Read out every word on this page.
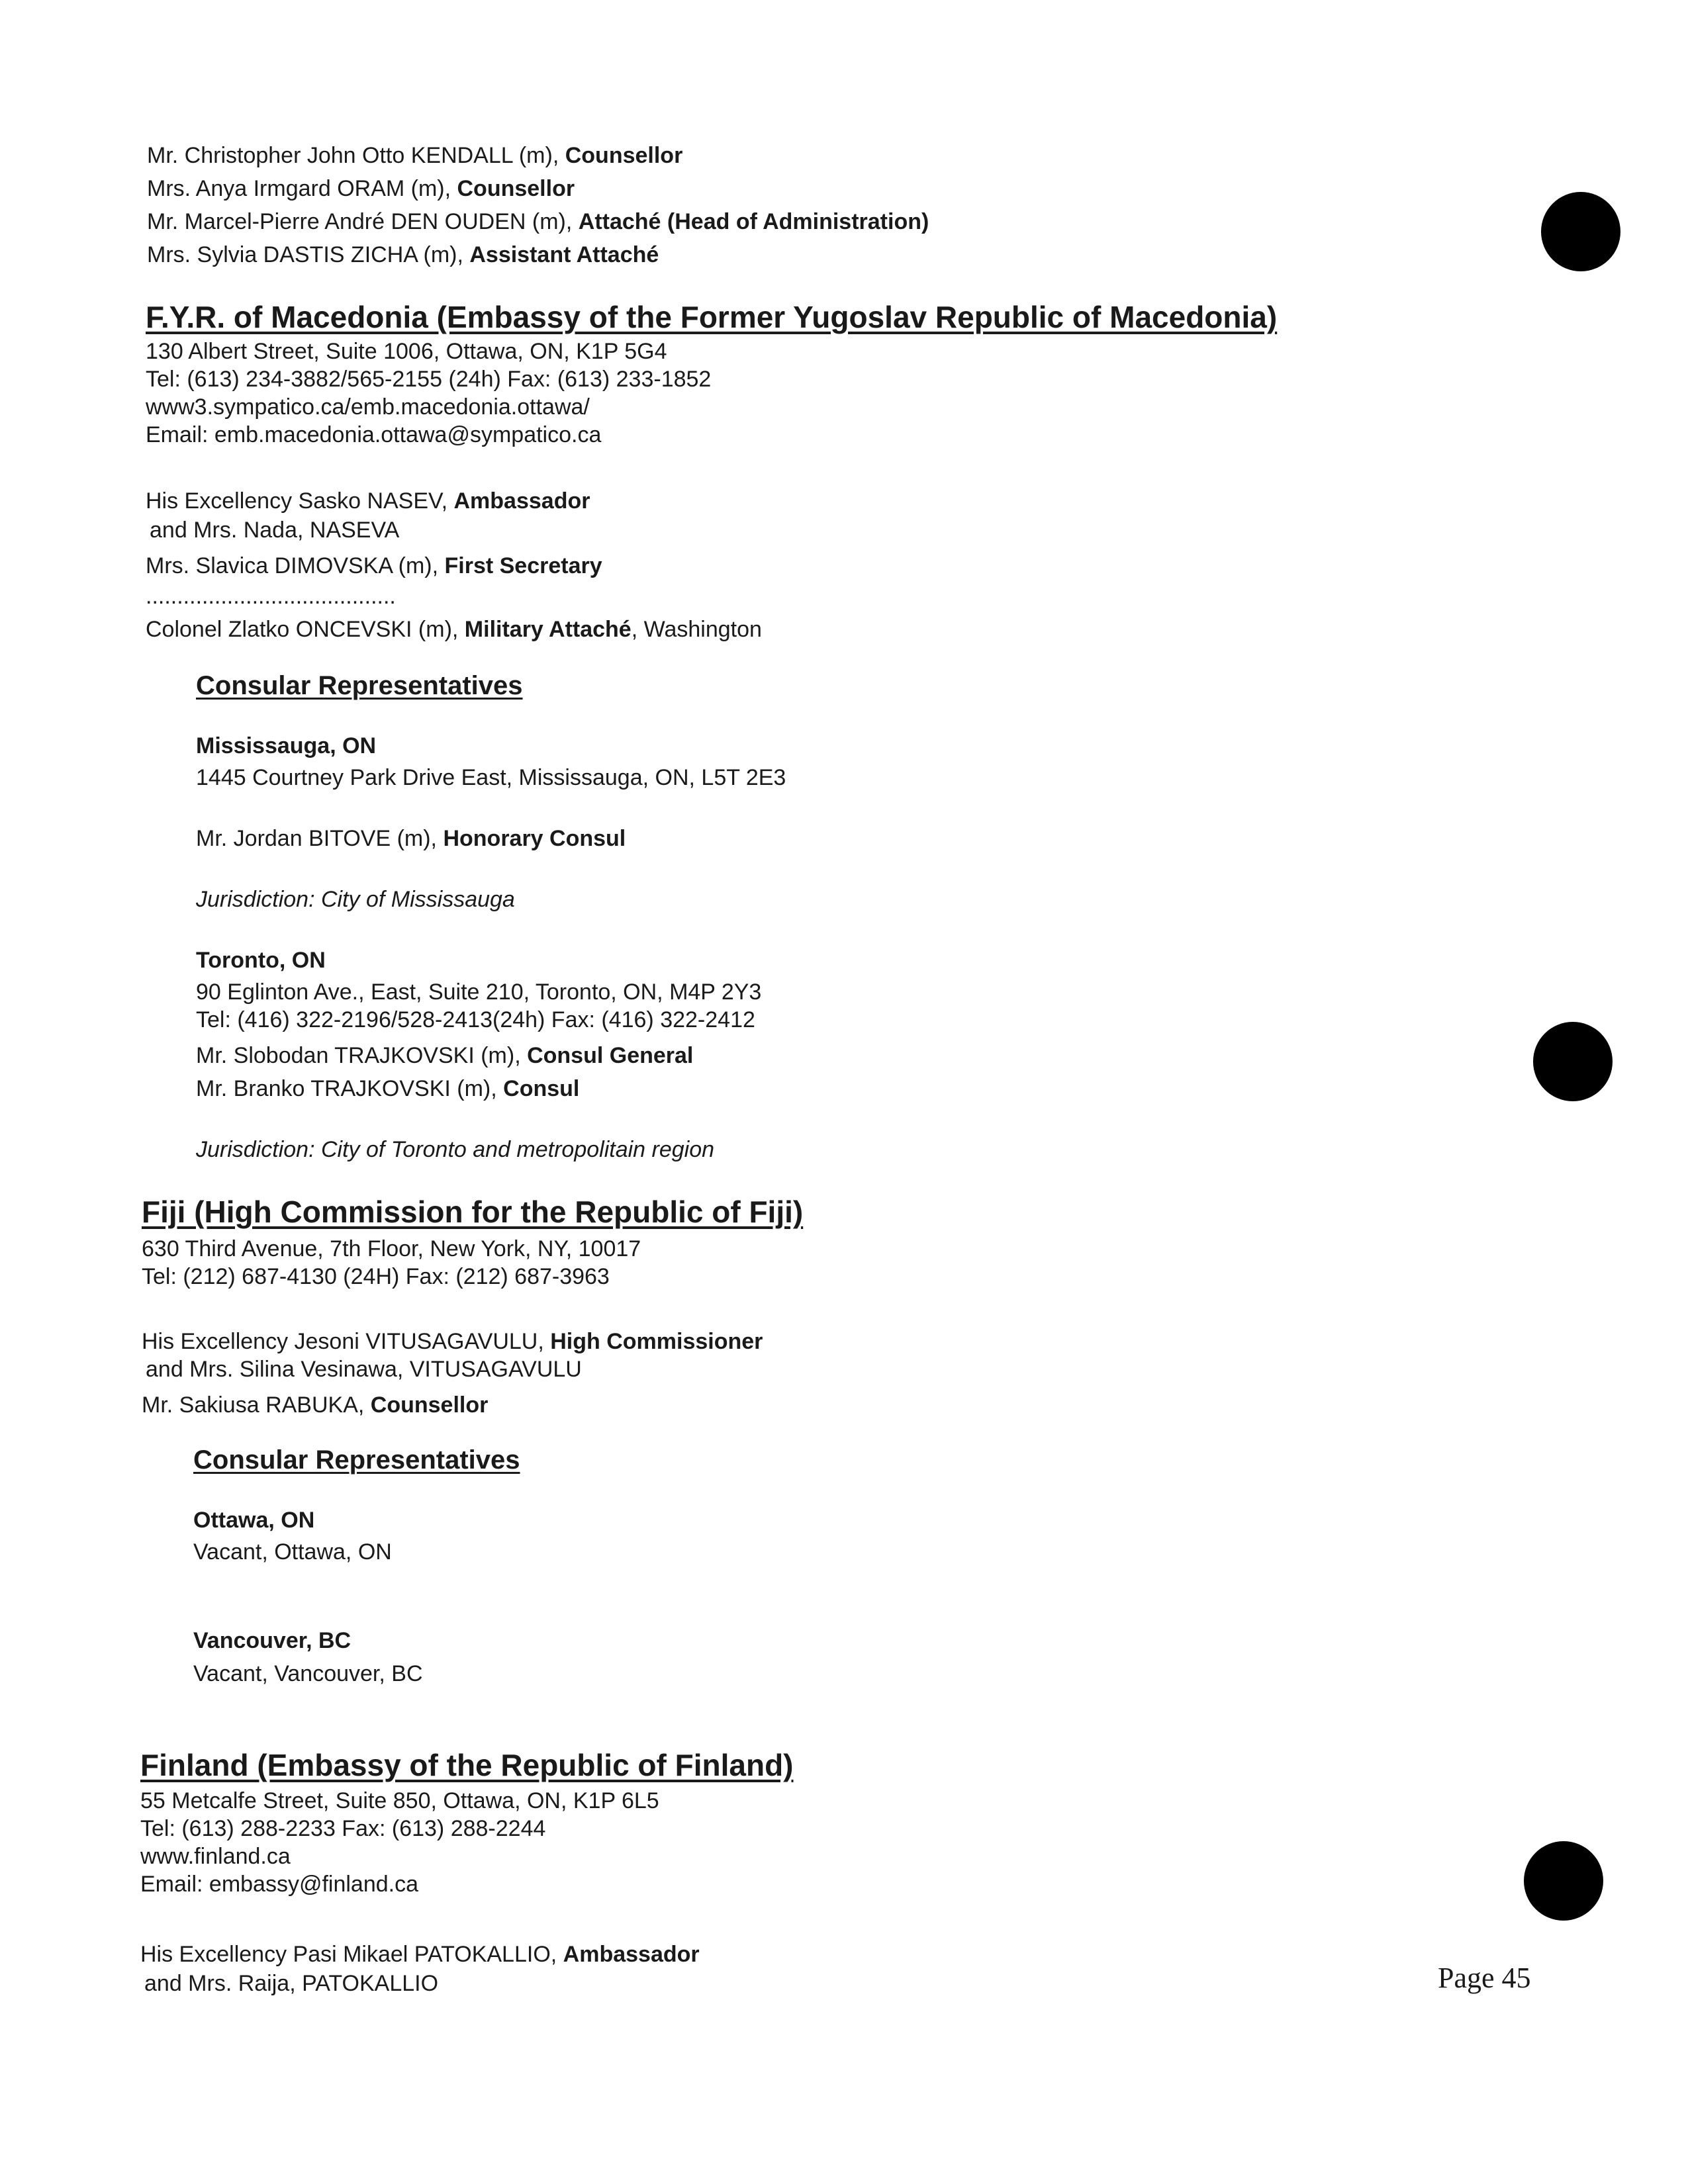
Mr. Christopher John Otto KENDALL (m), Counsellor
Mrs. Anya Irmgard ORAM (m), Counsellor
Mr. Marcel-Pierre André DEN OUDEN (m), Attaché (Head of Administration)
Mrs. Sylvia DASTIS ZICHA (m), Assistant Attaché
F.Y.R. of Macedonia (Embassy of the Former Yugoslav Republic of Macedonia)
130 Albert Street, Suite 1006, Ottawa, ON, K1P 5G4
Tel: (613) 234-3882/565-2155 (24h) Fax: (613) 233-1852
www3.sympatico.ca/emb.macedonia.ottawa/
Email: emb.macedonia.ottawa@sympatico.ca
His Excellency Sasko NASEV, Ambassador
and Mrs. Nada, NASEVA
Mrs. Slavica DIMOVSKA (m), First Secretary
........................................
Colonel Zlatko ONCEVSKI (m), Military Attaché, Washington
Consular Representatives
Mississauga, ON
1445 Courtney Park Drive East, Mississauga, ON, L5T 2E3
Mr. Jordan BITOVE (m), Honorary Consul
Jurisdiction: City of Mississauga
Toronto, ON
90 Eglinton Ave., East, Suite 210, Toronto, ON, M4P 2Y3
Tel: (416) 322-2196/528-2413(24h) Fax: (416) 322-2412
Mr. Slobodan TRAJKOVSKI (m), Consul General
Mr. Branko TRAJKOVSKI (m), Consul
Jurisdiction: City of Toronto and metropolitain region
Fiji (High Commission for the Republic of Fiji)
630 Third Avenue, 7th Floor, New York, NY, 10017
Tel: (212) 687-4130 (24H) Fax: (212) 687-3963
His Excellency Jesoni VITUSAGAVULU, High Commissioner
and Mrs. Silina Vesinawa, VITUSAGAVULU
Mr. Sakiusa RABUKA, Counsellor
Consular Representatives
Ottawa, ON
Vacant, Ottawa, ON
Vancouver, BC
Vacant, Vancouver, BC
Finland (Embassy of the Republic of Finland)
55 Metcalfe Street, Suite 850, Ottawa, ON, K1P 6L5
Tel: (613) 288-2233 Fax: (613) 288-2244
www.finland.ca
Email: embassy@finland.ca
His Excellency Pasi Mikael PATOKALLIO, Ambassador
and Mrs. Raija, PATOKALLIO	Page 45
